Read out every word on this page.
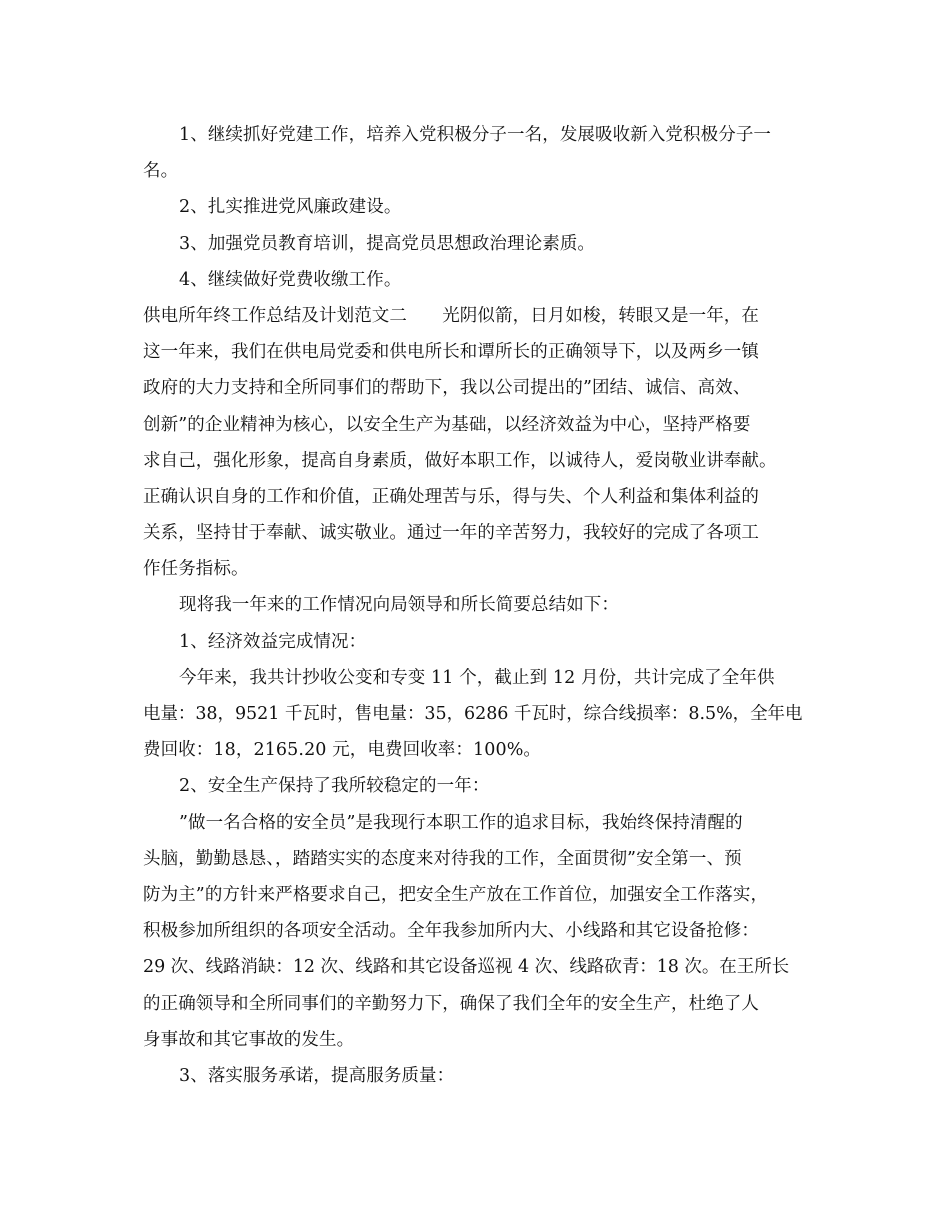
1、继续抓好党建工作，培养入党积极分子一名，发展吸收新入党积极分子一
名。
2、扎实推进党风廉政建设。
3、加强党员教育培训，提高党员思想政治理论素质。
4、继续做好党费收缴工作。
供电所年终工作总结及计划范文二　　光阴似箭，日月如梭，转眼又是一年，在
这一年来，我们在供电局党委和供电所长和谭所长的正确领导下，以及两乡一镇
政府的大力支持和全所同事们的帮助下，我以公司提出的”团结、诚信、高效、
创新”的企业精神为核心，以安全生产为基础，以经济效益为中心，坚持严格要
求自己，强化形象，提高自身素质，做好本职工作，以诚待人，爱岗敬业讲奉献。
正确认识自身的工作和价值，正确处理苦与乐，得与失、个人利益和集体利益的
关系，坚持甘于奉献、诚实敬业。通过一年的辛苦努力，我较好的完成了各项工
作任务指标。
现将我一年来的工作情况向局领导和所长简要总结如下：
1、经济效益完成情况：
今年来，我共计抄收公变和专变 11 个，截止到 12 月份，共计完成了全年供
电量：38，9521 千瓦时，售电量：35，6286 千瓦时，综合线损率：8.5%，全年电
费回收：18，2165.20 元，电费回收率：100%。
2、安全生产保持了我所较稳定的一年：
”做一名合格的安全员”是我现行本职工作的追求目标，我始终保持清醒的
头脑，勤勤恳恳、，踏踏实实的态度来对待我的工作，全面贯彻”安全第一、预
防为主”的方针来严格要求自己，把安全生产放在工作首位，加强安全工作落实，
积极参加所组织的各项安全活动。全年我参加所内大、小线路和其它设备抢修：
29 次、线路消缺：12 次、线路和其它设备巡视 4 次、线路砍青：18 次。在王所长
的正确领导和全所同事们的辛勤努力下，确保了我们全年的安全生产，杜绝了人
身事故和其它事故的发生。
3、落实服务承诺，提高服务质量：
